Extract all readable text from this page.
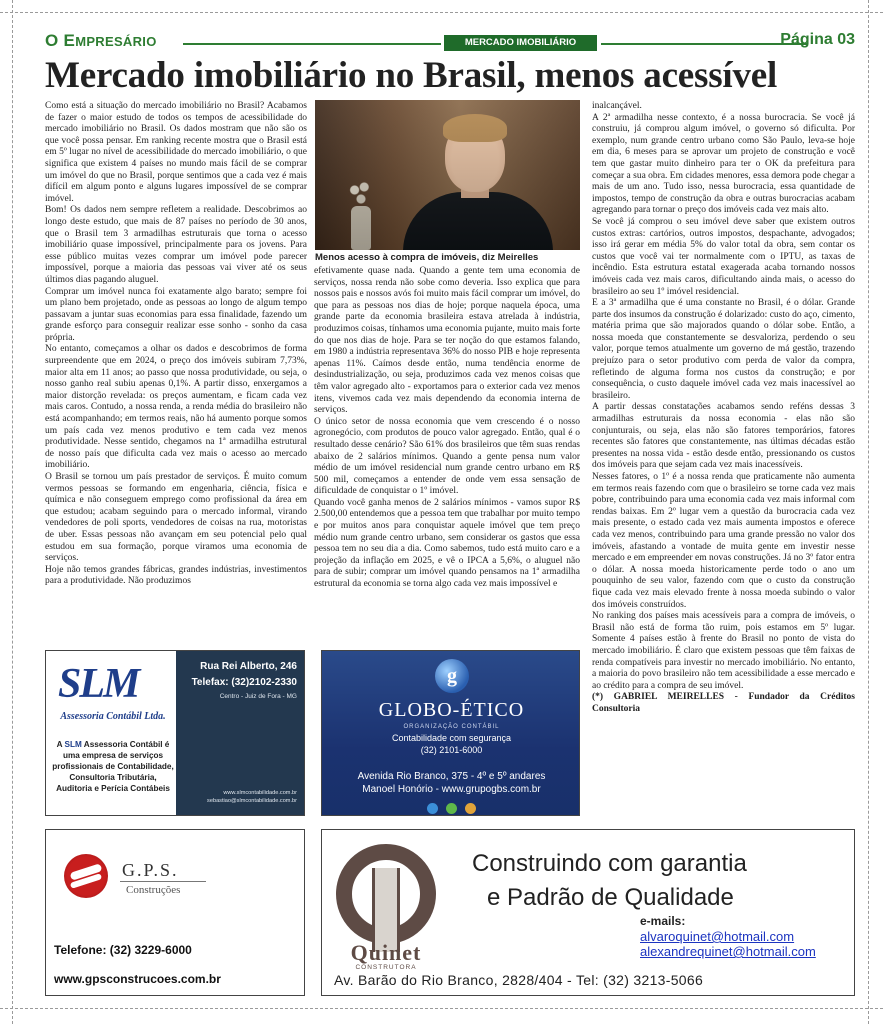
O EMPRESÁRIO	MERCADO IMOBILIÁRIO	Página 03
Mercado imobiliário no Brasil, menos acessível

Como está a situação do mercado imobiliário no Brasil? Acabamos de fazer o maior estudo de todos os tempos de acessibilidade do mercado imobiliário no Brasil. Os dados mostram que não são os que você possa pensar. Em ranking recente mostra que o Brasil está em 5º lugar no nível de acessibilidade do mercado imobiliário, o que significa que existem 4 países no mundo mais fácil de se comprar um imóvel do que no Brasil, porque sentimos que a cada vez é mais difícil em algum ponto e alguns lugares impossível de se comprar imóvel.

Bom! Os dados nem sempre refletem a realidade. Descobrimos ao longo deste estudo, que mais de 87 países no período de 30 anos, que o Brasil tem 3 armadilhas estruturais que torna o acesso imobiliário quase impossível, principalmente para os jovens. Para esse público muitas vezes comprar um imóvel pode parecer impossível, porque a maioria das pessoas vai viver até os seus últimos dias pagando aluguel.

Comprar um imóvel nunca foi exatamente algo barato; sempre foi um plano bem projetado, onde as pessoas ao longo de algum tempo passavam a juntar suas economias para essa finalidade, fazendo um grande esforço para conseguir realizar esse sonho - sonho da casa própria.

No entanto, começamos a olhar os dados e descobrimos de forma surpreendente que em 2024, o preço dos imóveis subiram 7,73%, maior alta em 11 anos; ao passo que nossa produtividade, ou seja, o nosso ganho real subiu apenas 0,1%. A partir disso, enxergamos a maior distorção revelada: os preços aumentam, e ficam cada vez mais caros. Contudo, a nossa renda, a renda média do brasileiro não está acompanhando; em termos reais, não há aumento porque somos um país cada vez menos produtivo e tem cada vez menos produtividade. Nesse sentido, chegamos na 1ª armadilha estrutural de nosso país que dificulta cada vez mais o acesso ao mercado imobiliário.

O Brasil se tornou um país prestador de serviços. É muito comum vermos pessoas se formando em engenharia, ciência, física e química e não conseguem emprego como profissional da área em que estudou; acabam seguindo para o mercado informal, virando vendedores de poli sports, vendedores de coisas na rua, motoristas de uber. Essas pessoas não avançam em seu potencial pelo qual estudou em sua formação, porque viramos uma economia de serviços.

Hoje não temos grandes fábricas, grandes indústrias, investimentos para a produtividade. Não produzimos

Menos acesso à compra de imóveis, diz Meirelles

efetivamente quase nada. Quando a gente tem uma economia de serviços, nossa renda não sobe como deveria. Isso explica que para nossos pais e nossos avós foi muito mais fácil comprar um imóvel, do que para as pessoas nos dias de hoje; porque naquela época, uma grande parte da economia brasileira estava atrelada à indústria, produzimos coisas, tínhamos uma economia pujante, muito mais forte do que nos dias de hoje. Para se ter noção do que estamos falando, em 1980 a indústria representava 36% do nosso PIB e hoje representa apenas 11%. Caímos desde então, numa tendência enorme de desindustrialização, ou seja, produzimos cada vez menos coisas que têm valor agregado alto - exportamos para o exterior cada vez menos itens, vivemos cada vez mais dependendo da economia interna de serviços.

O único setor de nossa economia que vem crescendo é o nosso agronegócio, com produtos de pouco valor agregado. Então, qual é o resultado desse cenário? São 61% dos brasileiros que têm suas rendas abaixo de 2 salários mínimos. Quando a gente pensa num valor médio de um imóvel residencial num grande centro urbano em R$ 500 mil, começamos a entender de onde vem essa sensação de dificuldade de conquistar o 1º imóvel.

Quando você ganha menos de 2 salários mínimos - vamos supor R$ 2.500,00 entendemos que a pessoa tem que trabalhar por muito tempo e por muitos anos para conquistar aquele imóvel que tem preço médio num grande centro urbano, sem considerar os gastos que essa pessoa tem no seu dia a dia. Como sabemos, tudo está muito caro e a projeção da inflação em 2025, e vê o IPCA a 5,6%, o aluguel não para de subir; comprar um imóvel quando pensamos na 1ª armadilha estrutural da economia se torna algo cada vez mais impossível e

inalcançável.

A 2ª armadilha nesse contexto, é a nossa burocracia. Se você já construiu, já comprou algum imóvel, o governo só dificulta. Por exemplo, num grande centro urbano como São Paulo, leva-se hoje em dia, 6 meses para se aprovar um projeto de construção e você tem que gastar muito dinheiro para ter o OK da prefeitura para começar a sua obra. Em cidades menores, essa demora pode chegar a mais de um ano. Tudo isso, nessa burocracia, essa quantidade de impostos, tempo de construção da obra e outras burocracias acabam agregando para tornar o preço dos imóveis cada vez mais alto.

Se você já comprou o seu imóvel deve saber que existem outros custos extras: cartórios, outros impostos, despachante, advogados; isso irá gerar em média 5% do valor total da obra, sem contar os custos que você vai ter normalmente com o IPTU, as taxas de incêndio. Esta estrutura estatal exagerada acaba tornando nossos imóveis cada vez mais caros, dificultando ainda mais, o acesso do brasileiro ao seu 1º imóvel residencial.

E a 3ª armadilha que é uma constante no Brasil, é o dólar. Grande parte dos insumos da construção é dolarizado: custo do aço, cimento, matéria prima que são majorados quando o dólar sobe. Então, a nossa moeda que constantemente se desvaloriza, perdendo o seu valor, porque temos atualmente um governo de má gestão, trazendo prejuízo para o setor produtivo com perda de valor da compra, refletindo de alguma forma nos custos da construção; e por consequência, o custo daquele imóvel cada vez mais inacessível ao brasileiro.

A partir dessas constatações acabamos sendo reféns dessas 3 armadilhas estruturais da nossa economia - elas não são conjunturais, ou seja, elas não são fatores temporários, fatores recentes são fatores que constantemente, nas últimas décadas estão presentes na nossa vida - estão desde então, pressionando os custos dos imóveis para que sejam cada vez mais inacessíveis.

Nesses fatores, o 1º é a nossa renda que praticamente não aumenta em termos reais fazendo com que o brasileiro se torne cada vez mais pobre, contribuindo para uma economia cada vez mais informal com rendas baixas. Em 2º lugar vem a questão da burocracia cada vez mais presente, o estado cada vez mais aumenta impostos e oferece cada vez menos, contribuindo para uma grande pressão no valor dos imóveis, afastando a vontade de muita gente em investir nesse mercado e em empreender em novas construções. Já no 3º fator entra o dólar. A nossa moeda historicamente perde todo o ano um pouquinho de seu valor, fazendo com que o custo da construção fique cada vez mais elevado frente à nossa moeda subindo o valor dos imóveis construídos.

No ranking dos países mais acessíveis para a compra de imóveis, o Brasil não está de forma tão ruim, pois estamos em 5º lugar. Somente 4 países estão à frente do Brasil no ponto de vista do mercado imobiliário. É claro que existem pessoas que têm faixas de renda compatíveis para investir no mercado imobiliário. No entanto, a maioria do povo brasileiro não tem acessibilidade a esse mercado e ao crédito para a compra de seu imóvel.

(*) GABRIEL MEIRELLES - Fundador da Créditos Consultoria

SLM
Assessoria Contábil Ltda.
A SLM Assessoria Contábil é uma empresa de serviços profissionais de Contabilidade, Consultoria Tributária, Auditoria e Perícia Contábeis
Rua Rei Alberto, 246
Telefax: (32)2102-2330
Centro - Juiz de Fora - MG
www.slmcontabilidade.com.br
sebastiao@slmcontabilidade.com.br
g
GLOBO-ÉTICO
ORGANIZAÇÃO CONTÁBIL
Contabilidade com segurança
(32) 2101-6000
Avenida Rio Branco, 375 - 4º e 5º andares
Manoel Honório - www.grupogbs.com.br

G.P.S.
Construções
Telefone: (32) 3229-6000
www.gpsconstrucoes.com.br
Quinet
CONSTRUTORA
Construindo com garantia
e Padrão de Qualidade
e-mails:
alvaroquinet@hotmail.com
alexandrequinet@hotmail.com
Av. Barão do Rio Branco, 2828/404 - Tel: (32) 3213-5066
